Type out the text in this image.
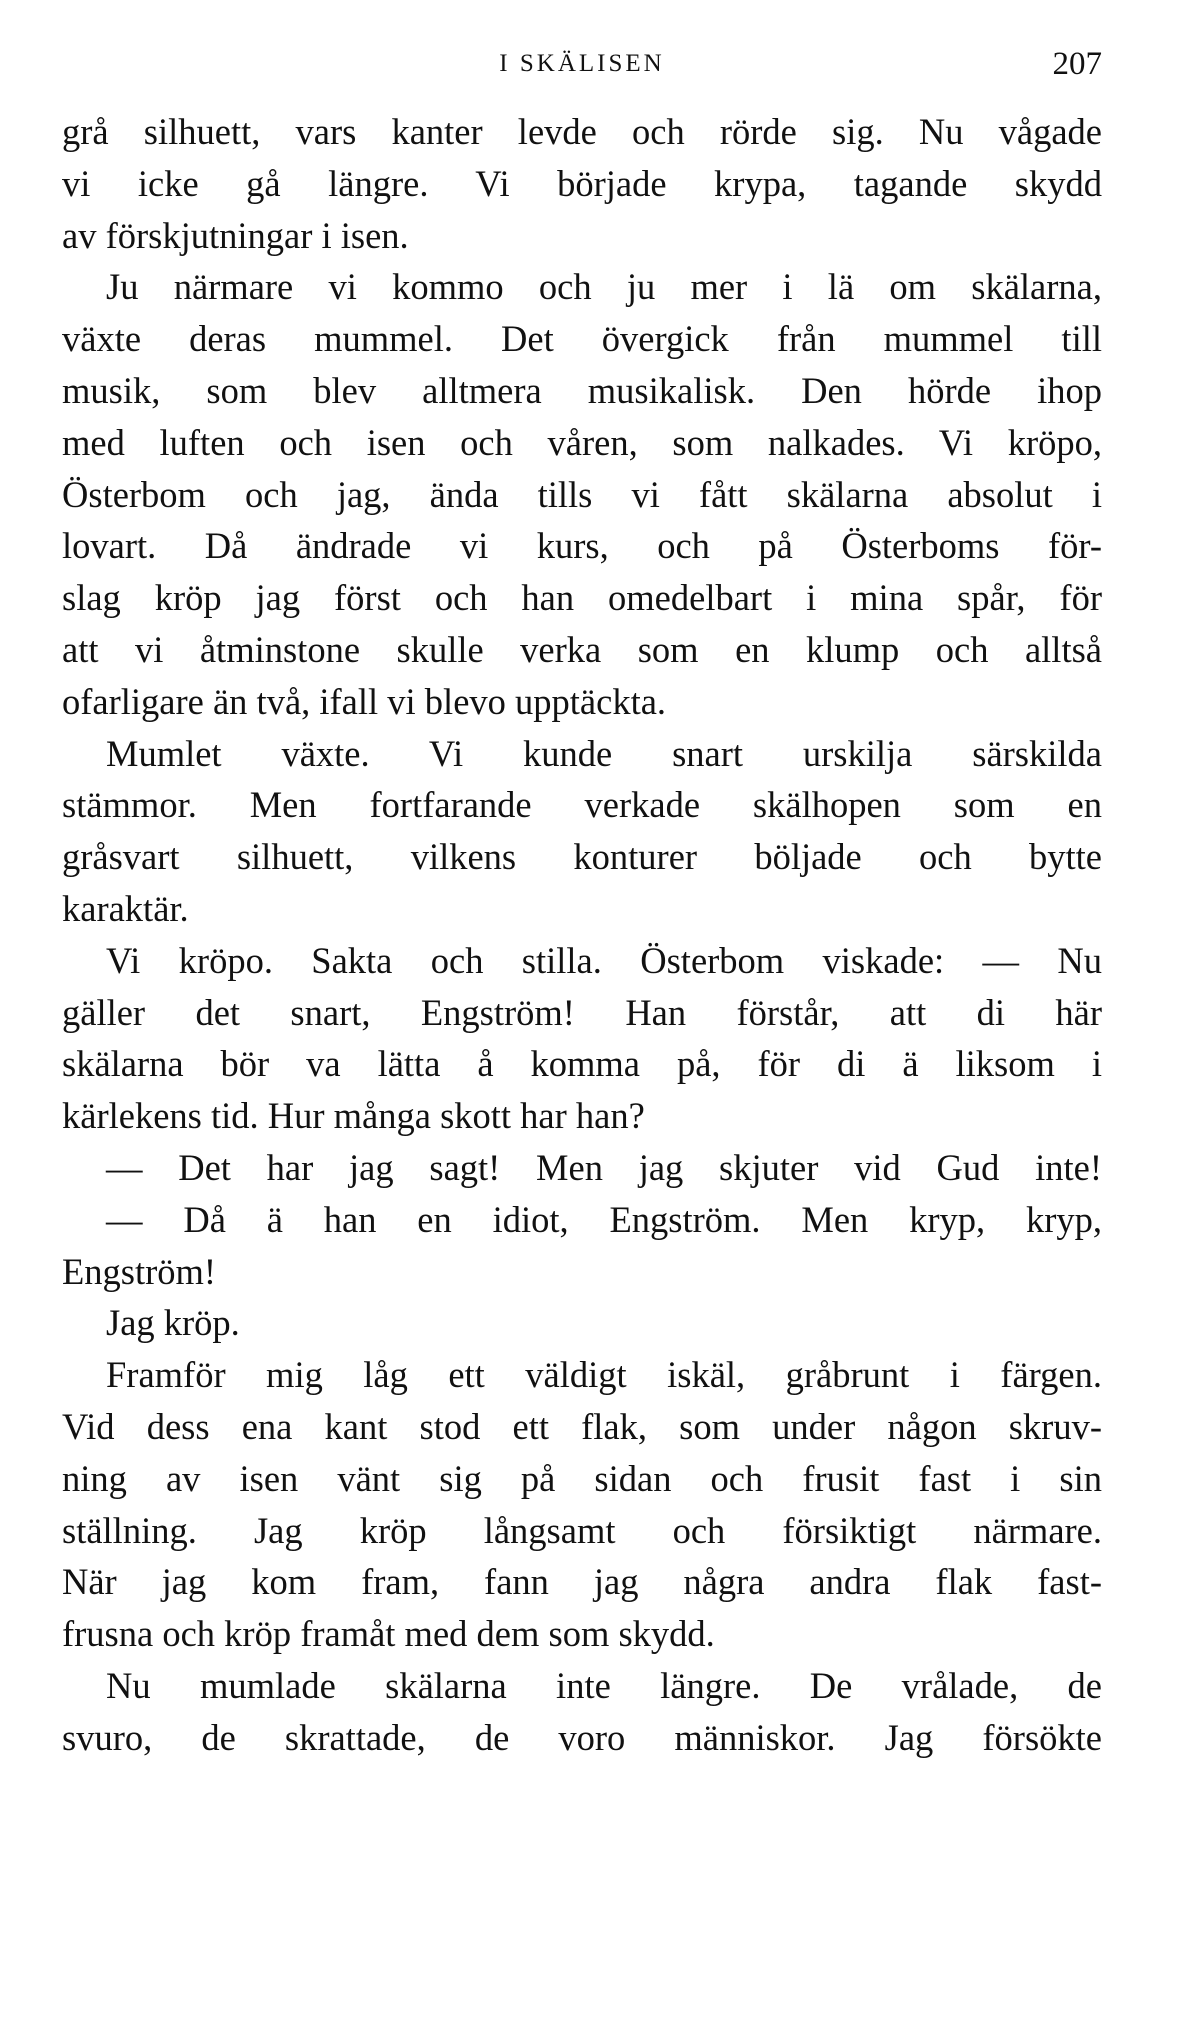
I SKÄLISEN	207

grå silhuett, vars kanter levde och rörde sig. Nu vågade

vi icke gå längre. Vi började krypa, tagande skydd

av förskjutningar i isen.

Ju närmare vi kommo och ju mer i lä om skälarna,

växte deras mummel. Det övergick från mummel till

musik, som blev alltmera musikalisk. Den hörde ihop

med luften och isen och våren, som nalkades. Vi kröpo,

Österbom och jag, ända tills vi fått skälarna absolut i

lovart. Då ändrade vi kurs, och på Österboms för-

slag kröp jag först och han omedelbart i mina spår, för

att vi åtminstone skulle verka som en klump och alltså

ofarligare än två, ifall vi blevo upptäckta.

Mumlet växte. Vi kunde snart urskilja särskilda

stämmor. Men fortfarande verkade skälhopen som en

gråsvart silhuett, vilkens konturer böljade och bytte

karaktär.

Vi kröpo. Sakta och stilla. Österbom viskade: — Nu

gäller det snart, Engström! Han förstår, att di här

skälarna bör va lätta å komma på, för di ä liksom i

kärlekens tid. Hur många skott har han?

— Det har jag sagt! Men jag skjuter vid Gud inte!

— Då ä han en idiot, Engström. Men kryp, kryp,

Engström!

Jag kröp.

Framför mig låg ett väldigt iskäl, gråbrunt i färgen.

Vid dess ena kant stod ett flak, som under någon skruv-

ning av isen vänt sig på sidan och frusit fast i sin

ställning. Jag kröp långsamt och försiktigt närmare.

När jag kom fram, fann jag några andra flak fast-

frusna och kröp framåt med dem som skydd.

Nu mumlade skälarna inte längre. De vrålade, de

svuro, de skrattade, de voro människor. Jag försökte
